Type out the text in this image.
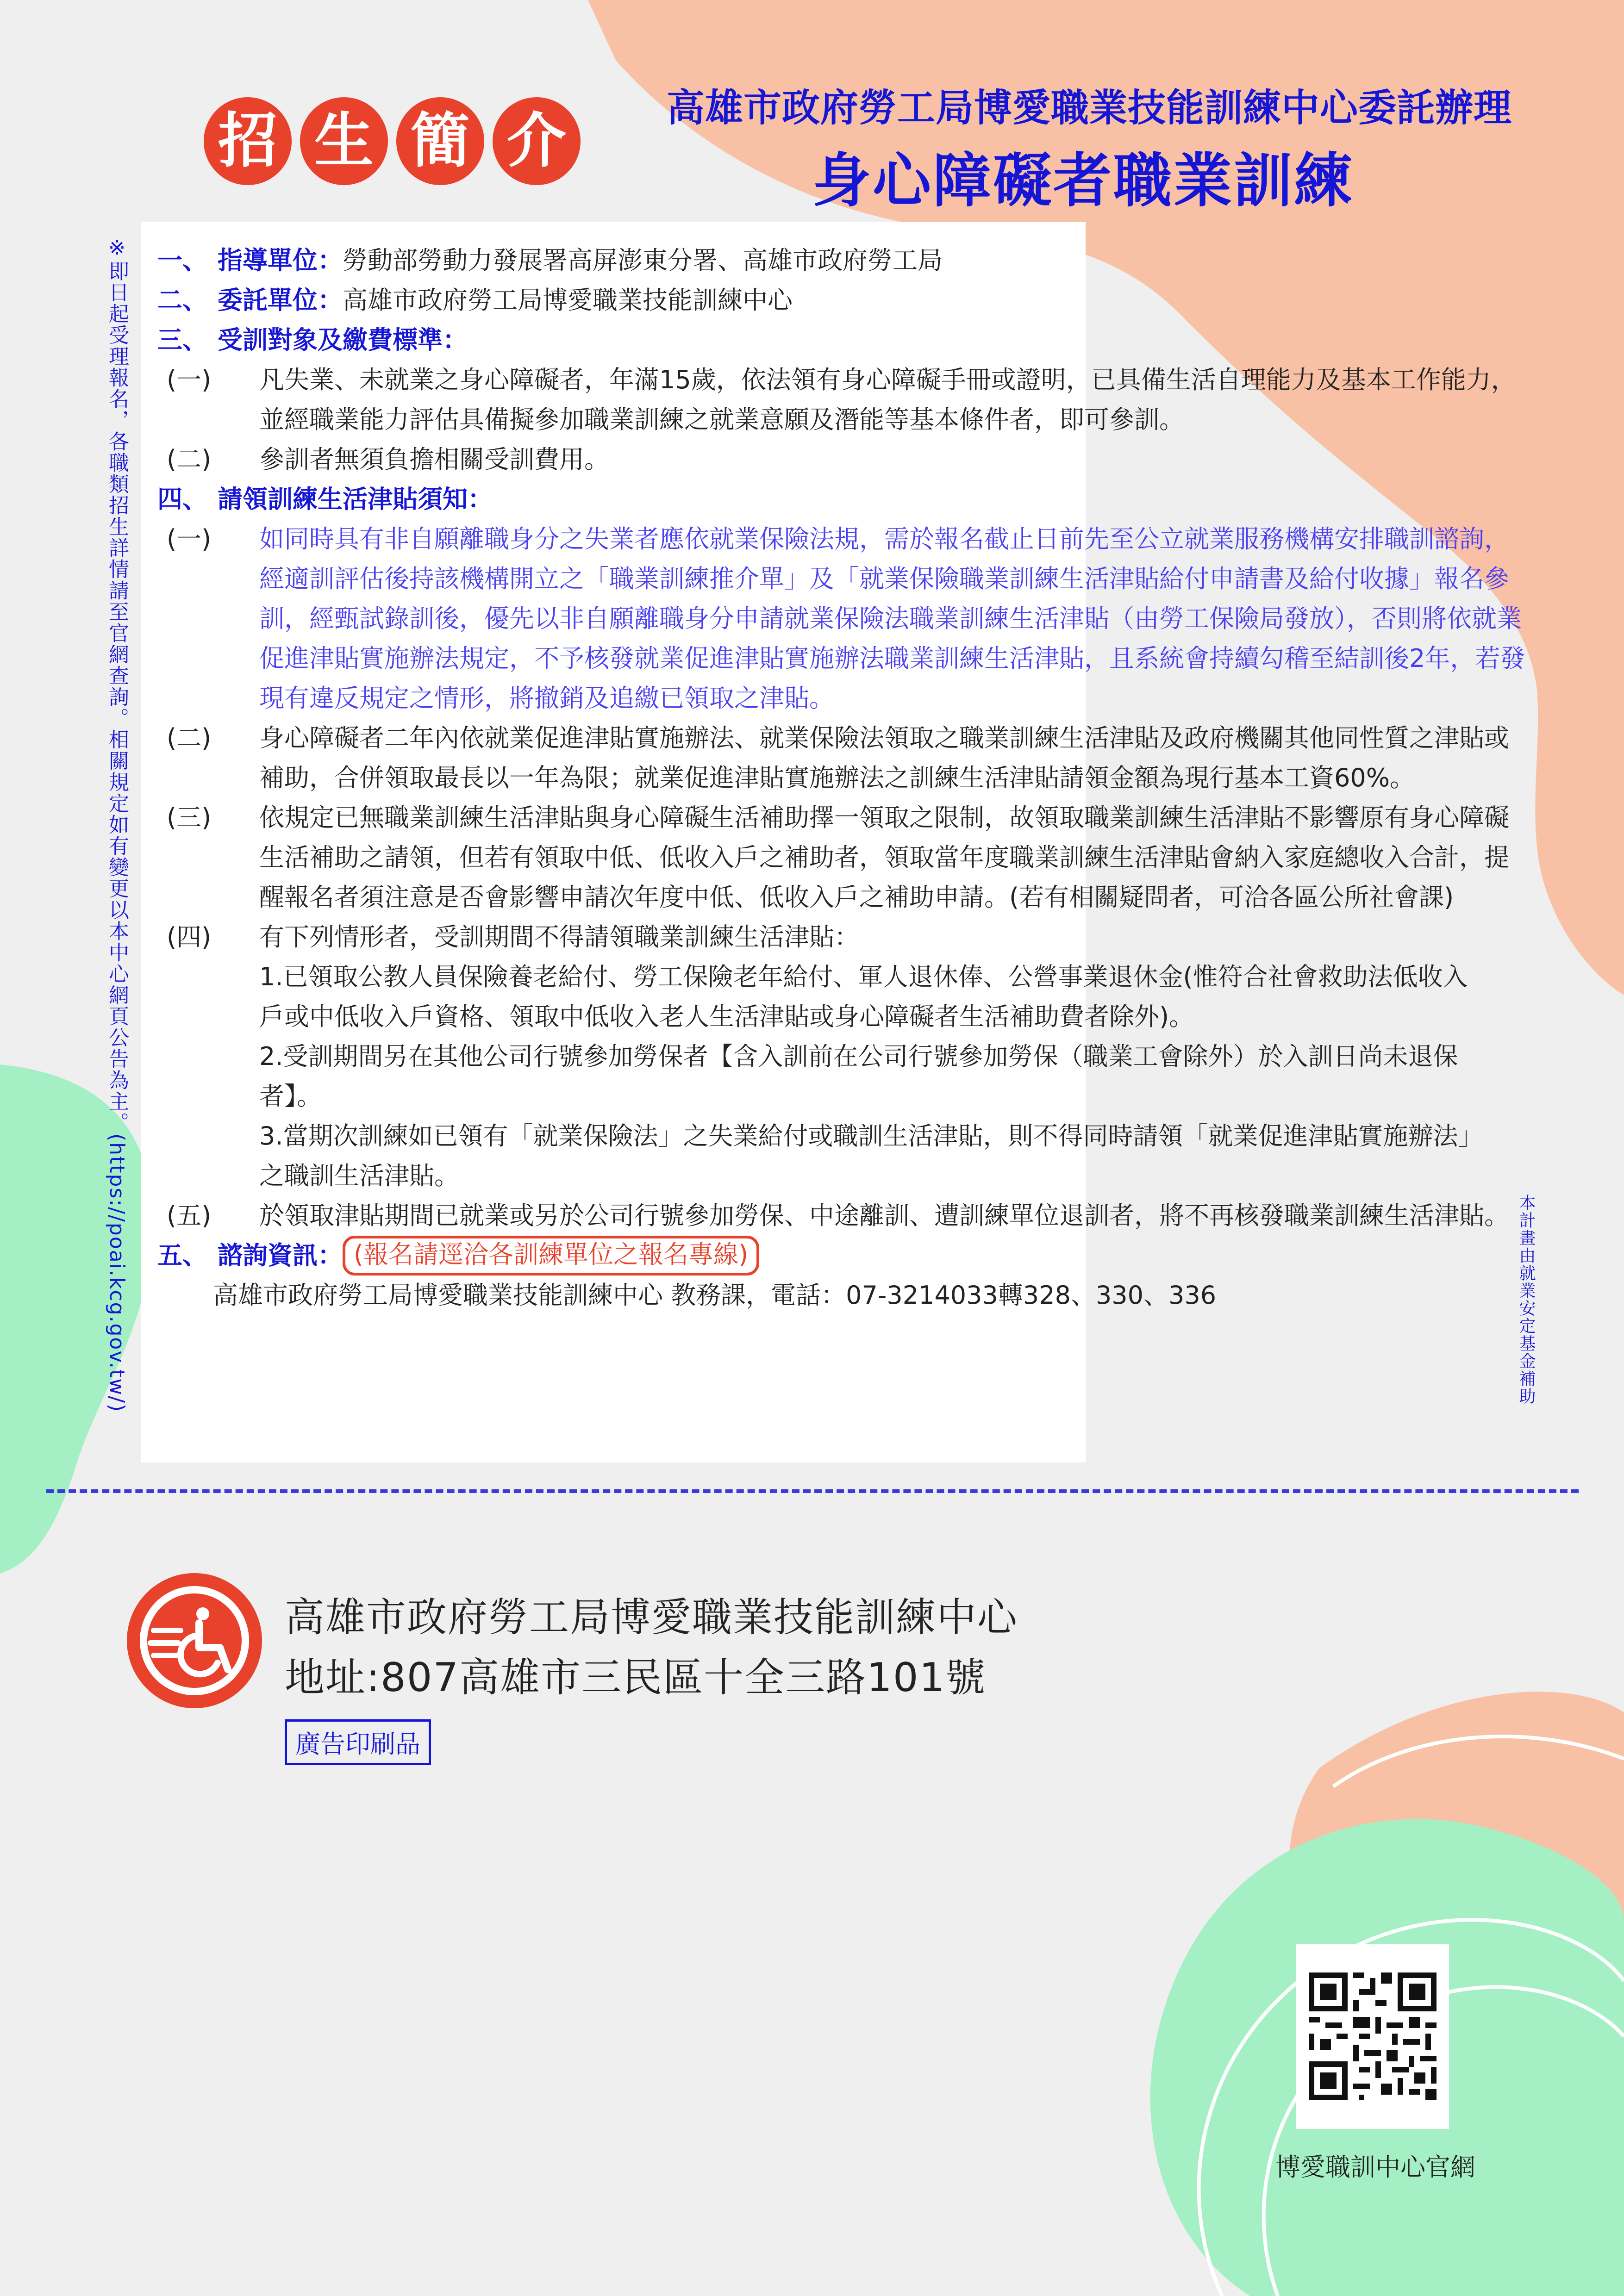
招 生 簡 介	高雄市政府勞工局博愛職業技能訓練中心委託辦理
身心障礙者職業訓練
※即日起受理報名，各職類招生詳情請至官網查詢。相關規定如有變更以本中心網頁公告為主。(https://poai.kcg.gov.tw/)	本計畫由就業安定基金補助
一、 指導單位： 勞動部勞動力發展署高屏澎東分署、高雄市政府勞工局
二、 委託單位： 高雄市政府勞工局博愛職業技能訓練中心
三、 受訓對象及繳費標準：
(一) 凡失業、未就業之身心障礙者，年滿15歲，依法領有身心障礙手冊或證明，已具備生活自理能力及基本工作能力，並經職業能力評估具備擬參加職業訓練之就業意願及潛能等基本條件者，即可參訓。
(二) 參訓者無須負擔相關受訓費用。
四、 請領訓練生活津貼須知：
(一) 如同時具有非自願離職身分之失業者應依就業保險法規，需於報名截止日前先至公立就業服務機構安排職訓諮詢，經適訓評估後持該機構開立之「職業訓練推介單」及「就業保險職業訓練生活津貼給付申請書及給付收據」報名參訓，經甄試錄訓後，優先以非自願離職身分申請就業保險法職業訓練生活津貼（由勞工保險局發放），否則將依就業促進津貼實施辦法規定，不予核發就業促進津貼實施辦法職業訓練生活津貼，且系統會持續勾稽至結訓後2年，若發現有違反規定之情形，將撤銷及追繳已領取之津貼。
(二) 身心障礙者二年內依就業促進津貼實施辦法、就業保險法領取之職業訓練生活津貼及政府機關其他同性質之津貼或補助，合併領取最長以一年為限；就業促進津貼實施辦法之訓練生活津貼請領金額為現行基本工資60%。
(三) 依規定已無職業訓練生活津貼與身心障礙生活補助擇一領取之限制，故領取職業訓練生活津貼不影響原有身心障礙生活補助之請領，但若有領取中低、低收入戶之補助者，領取當年度職業訓練生活津貼會納入家庭總收入合計，提醒報名者須注意是否會影響申請次年度中低、低收入戶之補助申請。(若有相關疑問者，可洽各區公所社會課)
(四) 有下列情形者，受訓期間不得請領職業訓練生活津貼：
1.已領取公教人員保險養老給付、勞工保險老年給付、軍人退休俸、公營事業退休金(惟符合社會救助法低收入戶或中低收入戶資格、領取中低收入老人生活津貼或身心障礙者生活補助費者除外)。
2.受訓期間另在其他公司行號參加勞保者【含入訓前在公司行號參加勞保（職業工會除外）於入訓日尚未退保者】。
3.當期次訓練如已領有「就業保險法」之失業給付或職訓生活津貼，則不得同時請領「就業促進津貼實施辦法」之職訓生活津貼。
(五) 於領取津貼期間已就業或另於公司行號參加勞保、中途離訓、遭訓練單位退訓者，將不再核發職業訓練生活津貼。
五、 諮詢資訊： (報名請逕洽各訓練單位之報名專線)
高雄市政府勞工局博愛職業技能訓練中心 教務課，電話：07-3214033轉328、330、336
高雄市政府勞工局博愛職業技能訓練中心
地址:807高雄市三民區十全三路101號
廣告印刷品
博愛職訓中心官網
